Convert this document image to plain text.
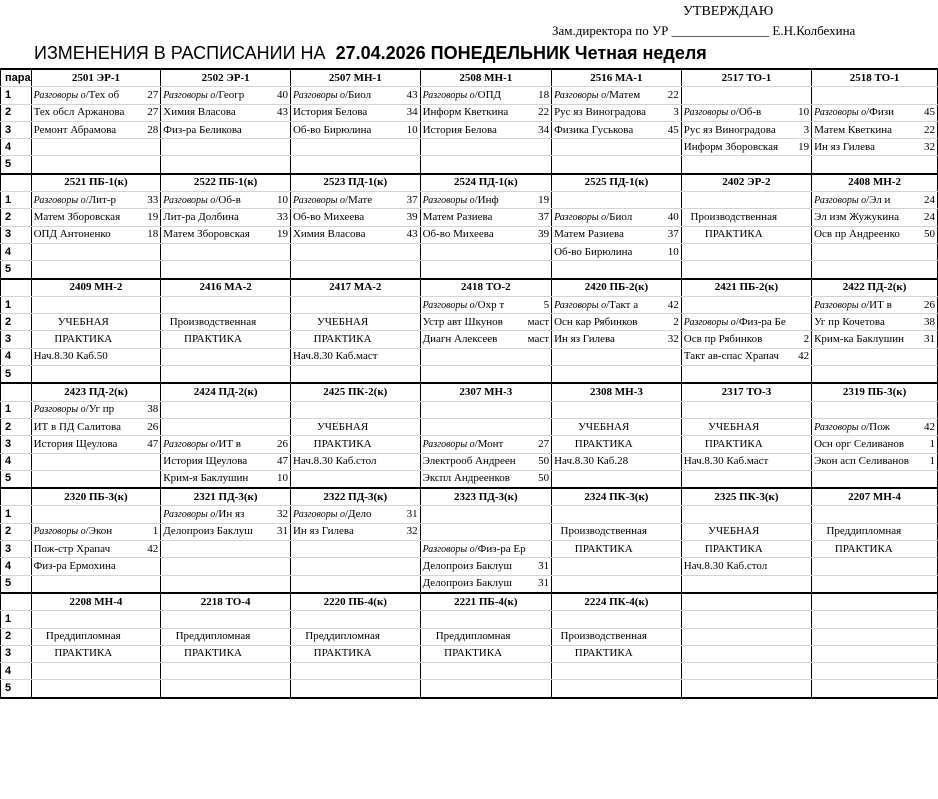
УТВЕРЖДАЮ
Зам.директора по УР _______________ Е.Н.Колбехина
ИЗМЕНЕНИЯ В РАСПИСАНИИ НА 27.04.2026 ПОНЕДЕЛЬНИК Четная неделя
пара	2501 ЭР-1		2502 ЭР-1		2507 МН-1		2508 МН-1		2516 МА-1		2517 ТО-1		2518 ТО-1	
1	Разговоры о/Тех об	27	Разговоры о/Геогр	40	Разговоры о/Биол	43	Разговоры о/ОПД	18	Разговоры о/Матем	22				
2	Тех обсл Аржанова	27	Химия Власова	43	История Белова	34	Информ Кветкина	22	Рус яз Виноградова	3	Разговоры о/Об-в	10	Разговоры о/Физи	45
3	Ремонт Абрамова	28	Физ-ра Беликова		Об-во Бирюлина	10	История Белова	34	Физика Гуськова	45	Рус яз Виноградова	3	Матем Кветкина	22
4											Информ Зборовская	19	Ин яз Гилева	32
5														
	2521 ПБ-1(к)		2522 ПБ-1(к)		2523 ПД-1(к)		2524 ПД-1(к)		2525 ПД-1(к)		2402 ЭР-2		2408 МН-2	
1	Разговоры о/Лит-р	33	Разговоры о/Об-в	10	Разговоры о/Мате	37	Разговоры о/Инф	19					Разговоры о/Эл и	24
2	Матем Зборовская	19	Лит-ра Долбина	33	Об-во Михеева	39	Матем Разиева	37	Разговоры о/Биол	40	Производственная		Эл изм Жужукина	24
3	ОПД Антоненко	18	Матем Зборовская	19	Химия Власова	43	Об-во Михеева	39	Матем Разиева	37	ПРАКТИКА		Осв пр Андреенко	50
4									Об-во Бирюлина	10				
5														
	2409 МН-2		2416 МА-2		2417 МА-2		2418 ТО-2		2420 ПБ-2(к)		2421 ПБ-2(к)		2422 ПД-2(к)	
1							Разговоры о/Охр т	5	Разговоры о/Такт а	42			Разговоры о/ИТ в	26
2	УЧЕБНАЯ		Производственная		УЧЕБНАЯ		Устр авт Шкунов	маст	Осн кар Рябинков	2	Разговоры о/Физ-ра Бе		Уг пр Кочетова	38
3	ПРАКТИКА		ПРАКТИКА		ПРАКТИКА		Диагн Алексеев	маст	Ин яз Гилева	32	Осв пр Рябинков	2	Крим-ка Баклушин	31
4	Нач.8.30 Каб.50				Нач.8.30 Каб.маст						Такт ав-спас Храпач	42		
5														
	2423 ПД-2(к)		2424 ПД-2(к)		2425 ПК-2(к)		2307 МН-3		2308 МН-3		2317 ТО-3		2319 ПБ-3(к)	
1	Разговоры о/Уг пр	38												
2	ИТ в ПД Салитова	26			УЧЕБНАЯ				УЧЕБНАЯ		УЧЕБНАЯ		Разговоры о/Пож	42
3	История Щеулова	47	Разговоры о/ИТ в	26	ПРАКТИКА		Разговоры о/Монт	27	ПРАКТИКА		ПРАКТИКА		Осн орг Селиванов	1
4			История Щеулова	47	Нач.8.30 Каб.стол		Электрооб Андреен	50	Нач.8.30 Каб.28		Нач.8.30 Каб.маст		Экон асп Селиванов	1
5			Крим-я Баклушин	10			Экспл Андреенков	50						
	2320 ПБ-3(к)		2321 ПД-3(к)		2322 ПД-3(к)		2323 ПД-3(к)		2324 ПК-3(к)		2325 ПК-3(к)		2207 МН-4	
1			Разговоры о/Ин яз	32	Разговоры о/Дело	31								
2	Разговоры о/Экон	1	Делопроиз Баклуш	31	Ин яз Гилева	32			Производственная		УЧЕБНАЯ		Преддипломная	
3	Пож-стр Храпач	42					Разговоры о/Физ-ра Ер		ПРАКТИКА		ПРАКТИКА		ПРАКТИКА	
4	Физ-ра Ермохина						Делопроиз Баклуш	31			Нач.8.30 Каб.стол			
5							Делопроиз Баклуш	31						
	2208 МН-4		2218 ТО-4		2220 ПБ-4(к)		2221 ПБ-4(к)		2224 ПК-4(к)					
1														
2	Преддипломная		Преддипломная		Преддипломная		Преддипломная		Производственная					
3	ПРАКТИКА		ПРАКТИКА		ПРАКТИКА		ПРАКТИКА		ПРАКТИКА					
4														
5														
